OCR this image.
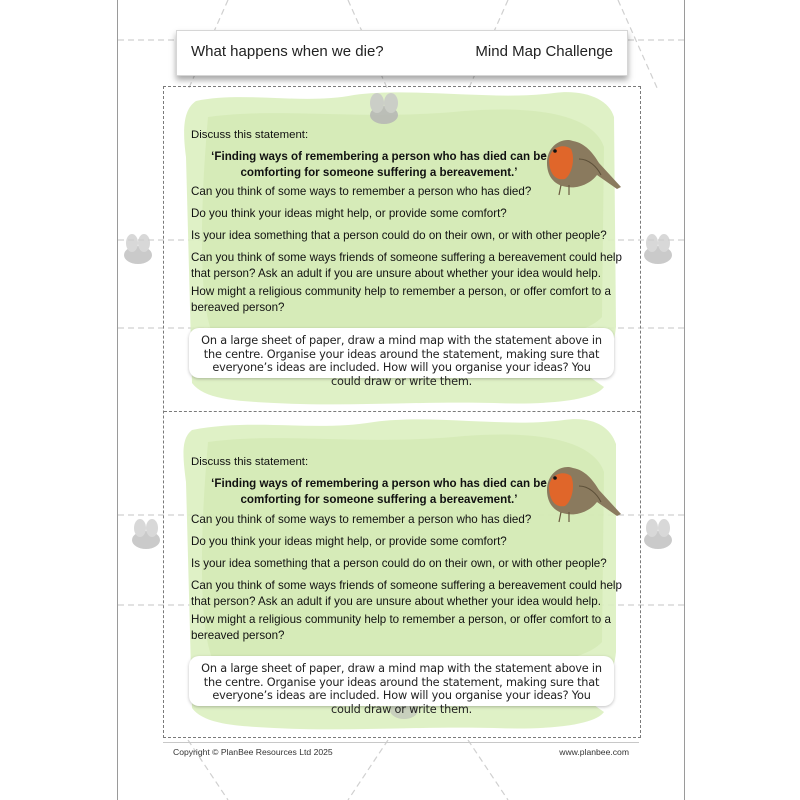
What happens when we die?	Mind Map Challenge
Discuss this statement:
‘Finding ways of remembering a person who has died can be
comforting for someone suffering a bereavement.’
Can you think of some ways to remember a person who has died?
Do you think your ideas might help, or provide some comfort?
Is your idea something that a person could do on their own, or with other people?
Can you think of some ways friends of someone suffering a bereavement could help that person? Ask an adult if you are unsure about whether your idea would help.
How might a religious community help to remember a person, or offer comfort to a bereaved person?
On a large sheet of paper, draw a mind map with the statement above in the centre. Organise your ideas around the statement, making sure that everyone’s ideas are included. How will you organise your ideas? You could draw or write them.
Discuss this statement:
‘Finding ways of remembering a person who has died can be
comforting for someone suffering a bereavement.’
Can you think of some ways to remember a person who has died?
Do you think your ideas might help, or provide some comfort?
Is your idea something that a person could do on their own, or with other people?
Can you think of some ways friends of someone suffering a bereavement could help that person? Ask an adult if you are unsure about whether your idea would help.
How might a religious community help to remember a person, or offer comfort to a bereaved person?
On a large sheet of paper, draw a mind map with the statement above in the centre. Organise your ideas around the statement, making sure that everyone’s ideas are included. How will you organise your ideas? You could draw or write them.
Copyright © PlanBee Resources Ltd 2025	www.planbee.com
